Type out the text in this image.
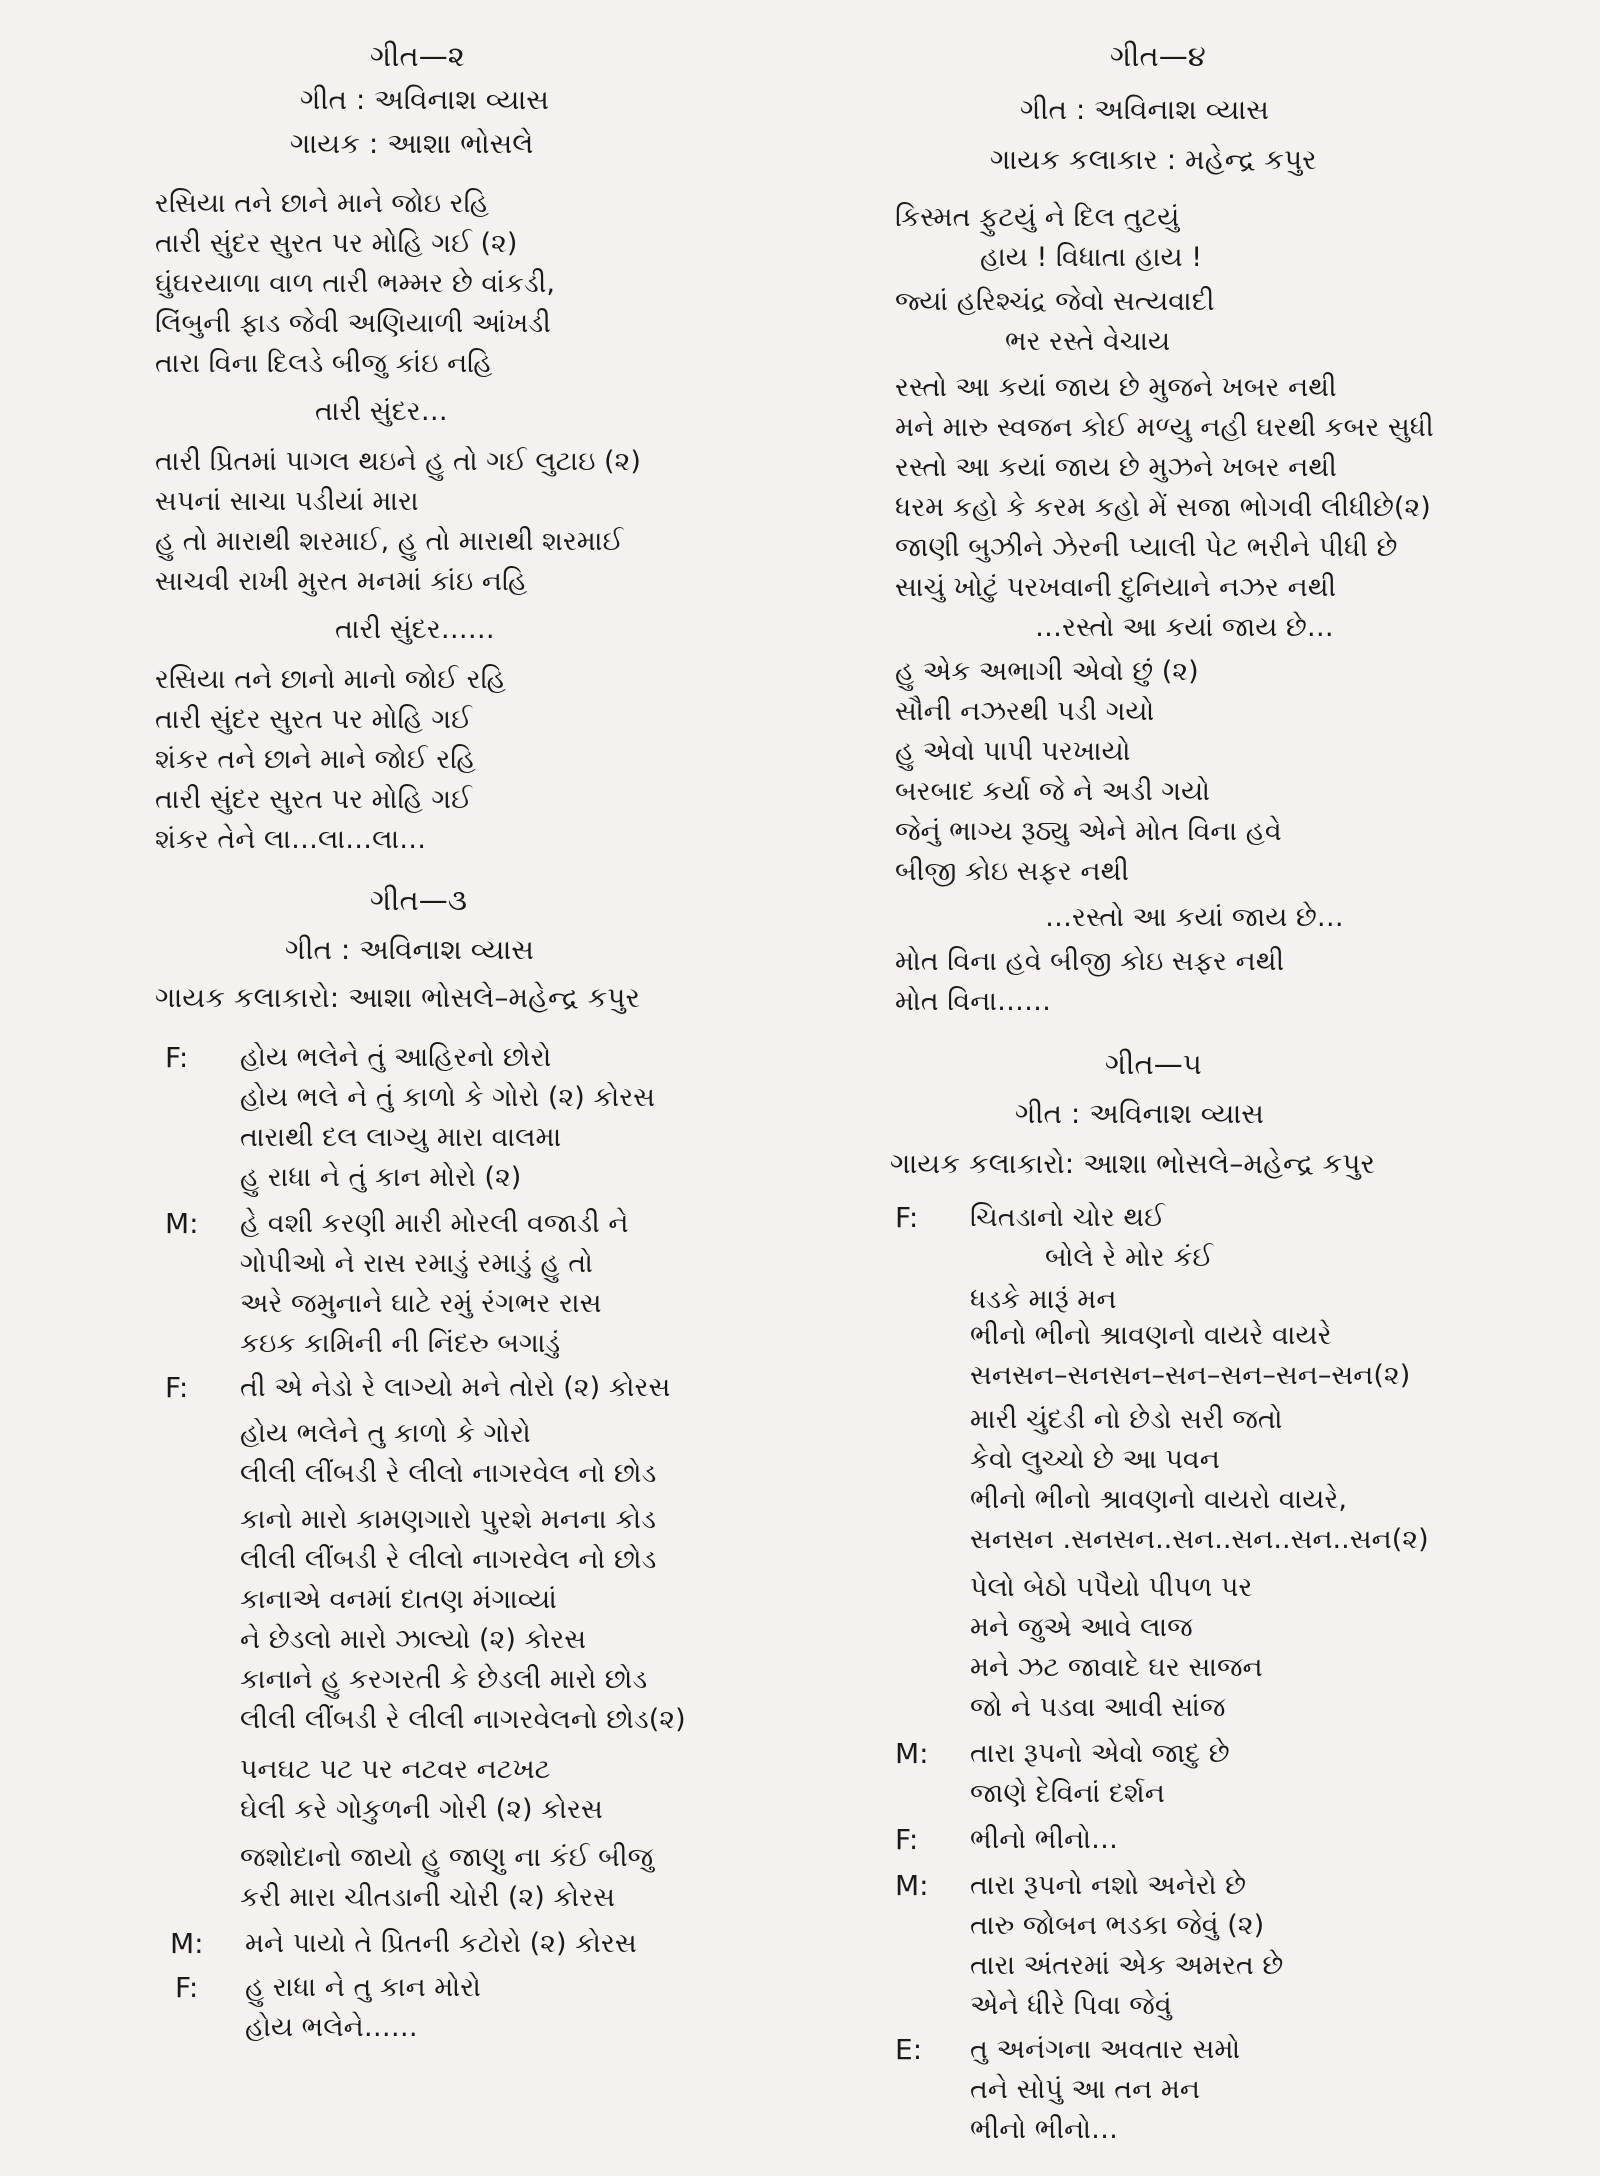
ગીત—૨
ગીત : અવિનાશ વ્યાસ
ગાયક : આશા ભોસલે
રસિયા તને છાને માને જોઇ રહિ
તારી સુંદર સુરત પર મોહિ ગઈ (૨)
ઘુંઘરયાળા વાળ તારી ભમ્મર છે વાંકડી,
લિંબુની ફાડ જેવી અણિયાળી આંખડી
તારા વિના દિલડે બીજુ કાંઇ નહિ
તારી સુંદર…
તારી પ્રિતમાં પાગલ થઇને હુ તો ગઈ લુટાઇ (૨)
સપનાં સાચા પડીયાં મારા
હુ તો મારાથી શરમાઈ, હુ તો મારાથી શરમાઈ
સાચવી રાખી મુરત મનમાં કાંઇ નહિ
તારી સુંદર……
રસિયા તને છાનો માનો જોઈ રહિ
તારી સુંદર સુરત પર મોહિ ગઈ
શંકર તને છાને માને જોઈ રહિ
તારી સુંદર સુરત પર મોહિ ગઈ
શંકર તેને લા…લા…લા…
ગીત—૩
ગીત : અવિનાશ વ્યાસ
ગાયક કલાકારો: આશા ભોસલે–મહેન્દ્ર કપુર
F: હોય ભલેને તું આહિરનો છોરો
હોય ભલે ને તું કાળો કે ગોરો (૨) કોરસ
તારાથી દલ લાગ્યુ મારા વાલમા
હુ રાધા ને તું કાન મોરો (૨)
M: હે વશી કરણી મારી મોરલી વજાડી ને
ગોપીઓ ને રાસ રમાડું રમાડું હુ તો
અરે જમુનાને ઘાટે રમું રંગભર રાસ
કઇક કામિની ની નિંદરુ બગાડું
F: તી એ નેડો રે લાગ્યો મને તોરો (૨) કોરસ
હોય ભલેને તુ કાળો કે ગોરો
લીલી લીંબડી રે લીલો નાગરવેલ નો છોડ
કાનો મારો કામણગારો પુરશે મનના કોડ
લીલી લીંબડી રે લીલો નાગરવેલ નો છોડ
કાનાએ વનમાં દાતણ મંગાવ્યાં
ને છેડલો મારો ઝાલ્યો (૨) કોરસ
કાનાને હુ કરગરતી કે છેડલી મારો છોડ
લીલી લીંબડી રે લીલી નાગરવેલનો છોડ(૨)
પનઘટ પટ પર નટવર નટખટ
ઘેલી કરે ગોકુળની ગોરી (૨) કોરસ
જશોદાનો જાયો હુ જાણુ ના કંઈ બીજુ
કરી મારા ચીતડાની ચોરી (૨) કોરસ
M: મને પાયો તે પ્રિતની કટોરો (૨) કોરસ
F: હુ રાધા ને તુ કાન મોરો
હોય ભલેને……
ગીત—૪
ગીત : અવિનાશ વ્યાસ
ગાયક કલાકાર : મહેન્દ્ર કપુર
કિસ્મત ફુટયું ને દિલ તુટયું
હાય ! વિધાતા હાય !
જ્યાં હરિશ્ચંદ્ર જેવો સત્યવાદી
ભર રસ્તે વેચાય
રસ્તો આ કયાં જાય છે મુજને ખબર નથી
મને મારુ સ્વજન કોઈ મળ્યુ નહી ઘરથી કબર સુધી
રસ્તો આ કયાં જાય છે મુઝને ખબર નથી
ધરમ કહો કે કરમ કહો મેં સજા ભોગવી લીધીછે(૨)
જાણી બુઝીને ઝેરની પ્યાલી પેટ ભરીને પીધી છે
સાચું ખોટું પરખવાની દુનિયાને નઝર નથી
…રસ્તો આ કયાં જાય છે…
હુ એક અભાગી એવો છું (૨)
સૌની નઝરથી પડી ગયો
હુ એવો પાપી પરખાયો
બરબાદ કર્યા જે ને અડી ગયો
જેનું ભાગ્ય રૂઠ્યુ એને મોત વિના હવે
બીજી કોઇ સફર નથી
…રસ્તો આ કયાં જાય છે…
મોત વિના હવે બીજી કોઇ સફર નથી
મોત વિના……
ગીત—૫
ગીત : અવિનાશ વ્યાસ
ગાયક કલાકારો: આશા ભોસલે–મહેન્દ્ર કપુર
F: ચિતડાનો ચોર થઈ
બોલે રે મોર કંઈ
ધડકે મારૂં મન
ભીનો ભીનો શ્રાવણનો વાયરે વાયરે
સનસન–સનસન–સન–સન–સન–સન(૨)
મારી ચુંદડી નો છેડો સરી જતો
કેવો લુચ્ચો છે આ પવન
ભીનો ભીનો શ્રાવણનો વાયરો વાયરે,
સનસન .સનસન..સન..સન..સન..સન(૨)
પેલો બેઠો પપૈયો પીપળ પર
મને જુએ આવે લાજ
મને ઝટ જાવાદે ઘર સાજન
જો ને પડવા આવી સાંજ
M: તારા રૂપનો એવો જાદુ છે
જાણે દેવિનાં દર્શન
F: ભીનો ભીનો…
M: તારા રૂપનો નશો અનેરો છે
તારુ જોબન ભડકા જેવું (૨)
તારા અંતરમાં એક અમરત છે
એને ધીરે પિવા જેવું
E: તુ અનંગના અવતાર સમો
તને સોપું આ તન મન
ભીનો ભીનો…
